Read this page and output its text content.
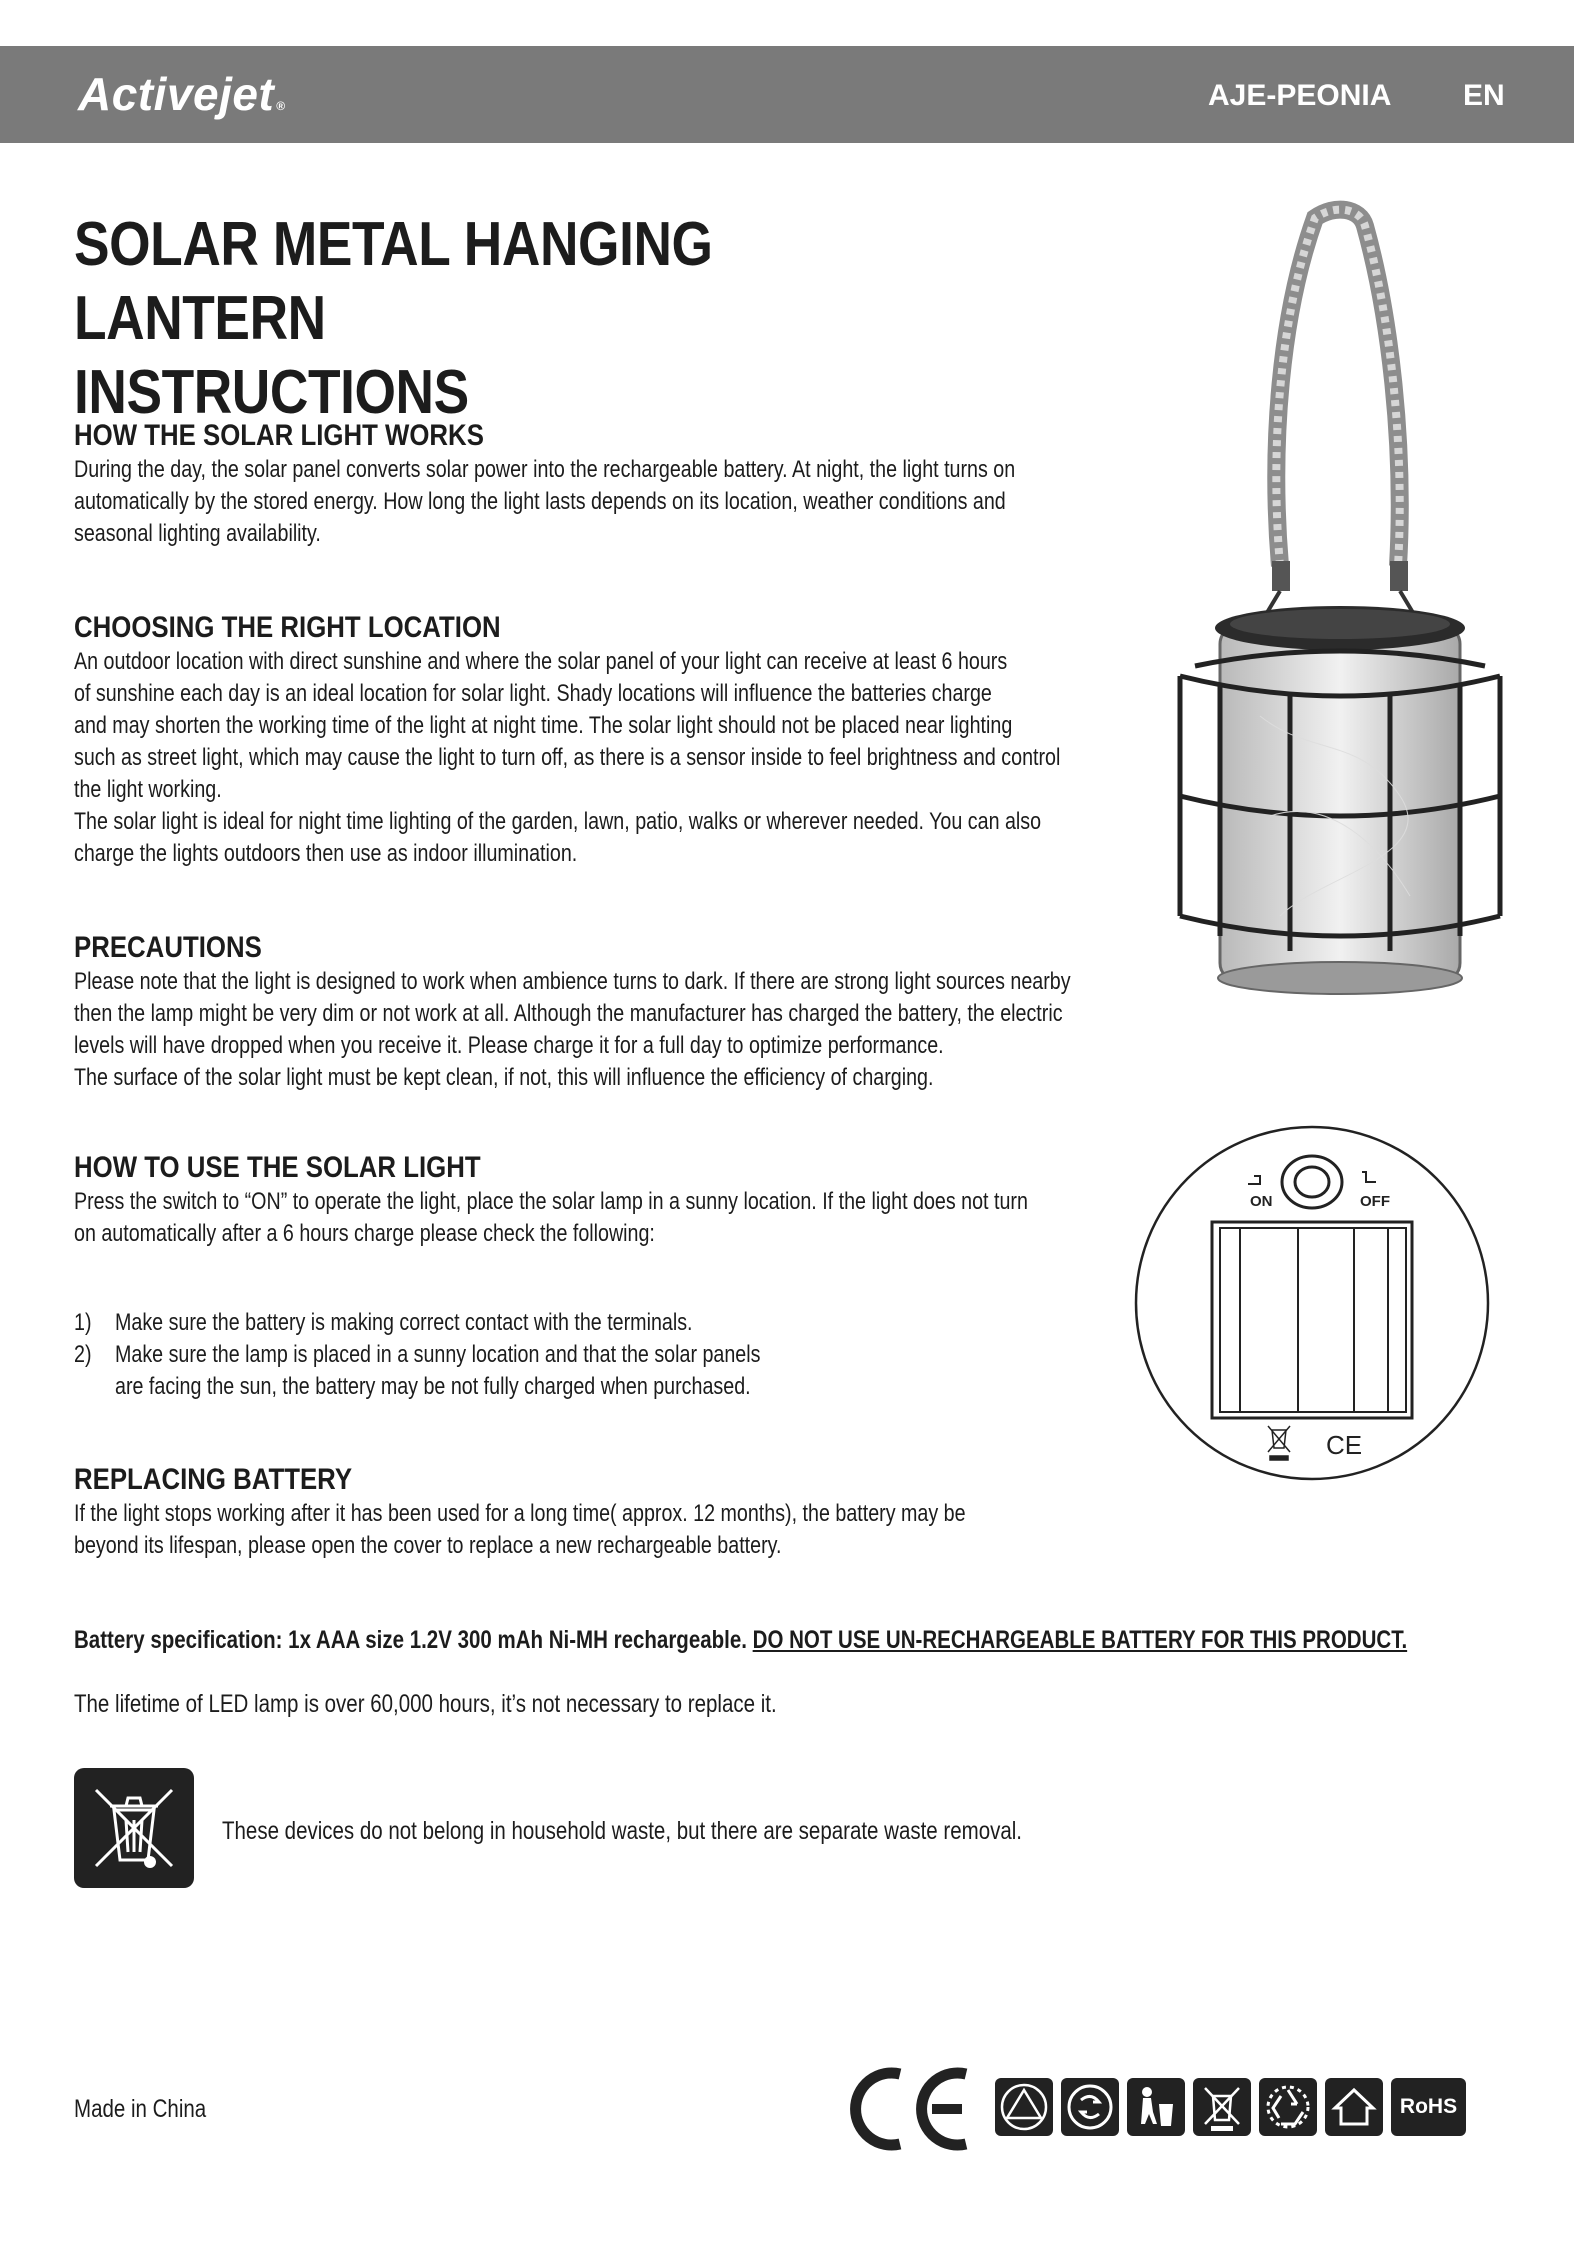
Activejet ®	AJE-PEONIA EN
SOLAR METAL HANGING LANTERN
INSTRUCTIONS
HOW THE SOLAR LIGHT WORKS

During the day, the solar panel converts solar power into the rechargeable battery. At night, the light turns on

automatically by the stored energy. How long the light lasts depends on its location, weather conditions and

seasonal lighting availability.

CHOOSING THE RIGHT LOCATION

An outdoor location with direct sunshine and where the solar panel of your light can receive at least 6 hours

of sunshine each day is an ideal location for solar light. Shady locations will influence the batteries charge

and may shorten the working time of the light at night time. The solar light should not be placed near lighting

such as street light, which may cause the light to turn off, as there is a sensor inside to feel brightness and control

the light working.

The solar light is ideal for night time lighting of the garden, lawn, patio, walks or wherever needed. You can also

charge the lights outdoors then use as indoor illumination.

PRECAUTIONS

Please note that the light is designed to work when ambience turns to dark. If there are strong light sources nearby

then the lamp might be very dim or not work at all. Although the manufacturer has charged the battery, the electric

levels will have dropped when you receive it. Please charge it for a full day to optimize performance.

The surface of the solar light must be kept clean, if not, this will influence the efficiency of charging.

HOW TO USE THE SOLAR LIGHT

Press the switch to “ON” to operate the light, place the solar lamp in a sunny location. If the light does not turn

on automatically after a 6 hours charge please check the following:

1) Make sure the battery is making correct contact with the terminals.
2) Make sure the lamp is placed in a sunny location and that the solar panels
are facing the sun, the battery may be not fully charged when purchased.
REPLACING BATTERY

If the light stops working after it has been used for a long time( approx. 12 months), the battery may be

beyond its lifespan, please open the cover to replace a new rechargeable battery.

Battery specification: 1x AAA size 1.2V 300 mAh Ni-MH rechargeable. DO NOT USE UN-RECHARGEABLE BATTERY FOR THIS PRODUCT.
The lifetime of LED lamp is over 60,000 hours, it’s not necessary to replace it.
These devices do not belong in household waste, but there are separate waste removal.
ON	OFF
CE
Made in China	RoHS
